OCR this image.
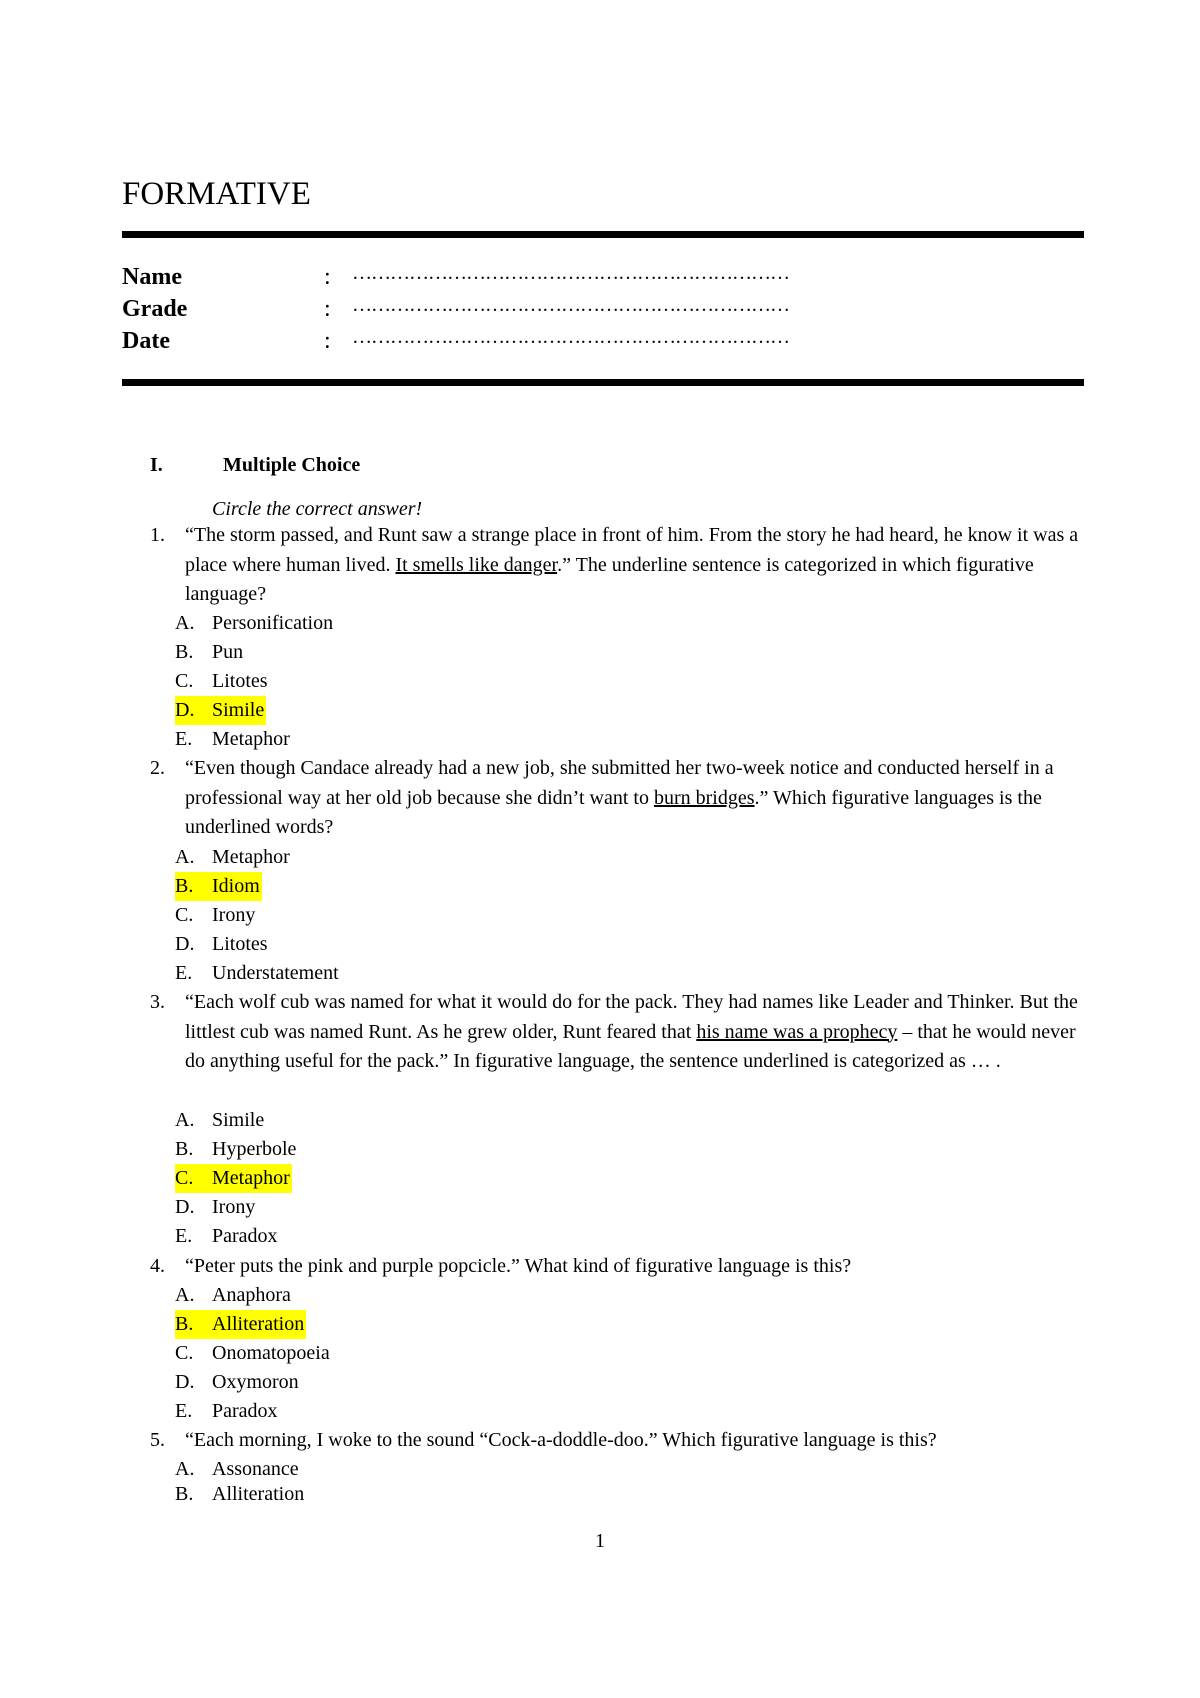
FORMATIVE
Name	: ……………………………………………………………
Grade	: ……………………………………………………………
Date	: ……………………………………………………………
I.	Multiple Choice
Circle the correct answer!
1. “The storm passed, and Runt saw a strange place in front of him. From the story he had heard, he know it was a place where human lived. It smells like danger.” The underline sentence is categorized in which figurative language?
A. Personification
B. Pun
C. Litotes
D. Simile
E. Metaphor
2. “Even though Candace already had a new job, she submitted her two-week notice and conducted herself in a professional way at her old job because she didn’t want to burn bridges.” Which figurative languages is the underlined words?
A. Metaphor
B. Idiom
C. Irony
D. Litotes
E. Understatement
3. “Each wolf cub was named for what it would do for the pack. They had names like Leader and Thinker. But the littlest cub was named Runt. As he grew older, Runt feared that his name was a prophecy – that he would never do anything useful for the pack.” In figurative language, the sentence underlined is categorized as … .
A. Simile
B. Hyperbole
C. Metaphor
D. Irony
E. Paradox
4. “Peter puts the pink and purple popcicle.” What kind of figurative language is this?
A. Anaphora
B. Alliteration
C. Onomatopoeia
D. Oxymoron
E. Paradox
5. “Each morning, I woke to the sound “Cock-a-doddle-doo.” Which figurative language is this?
A. Assonance
B. Alliteration
1
